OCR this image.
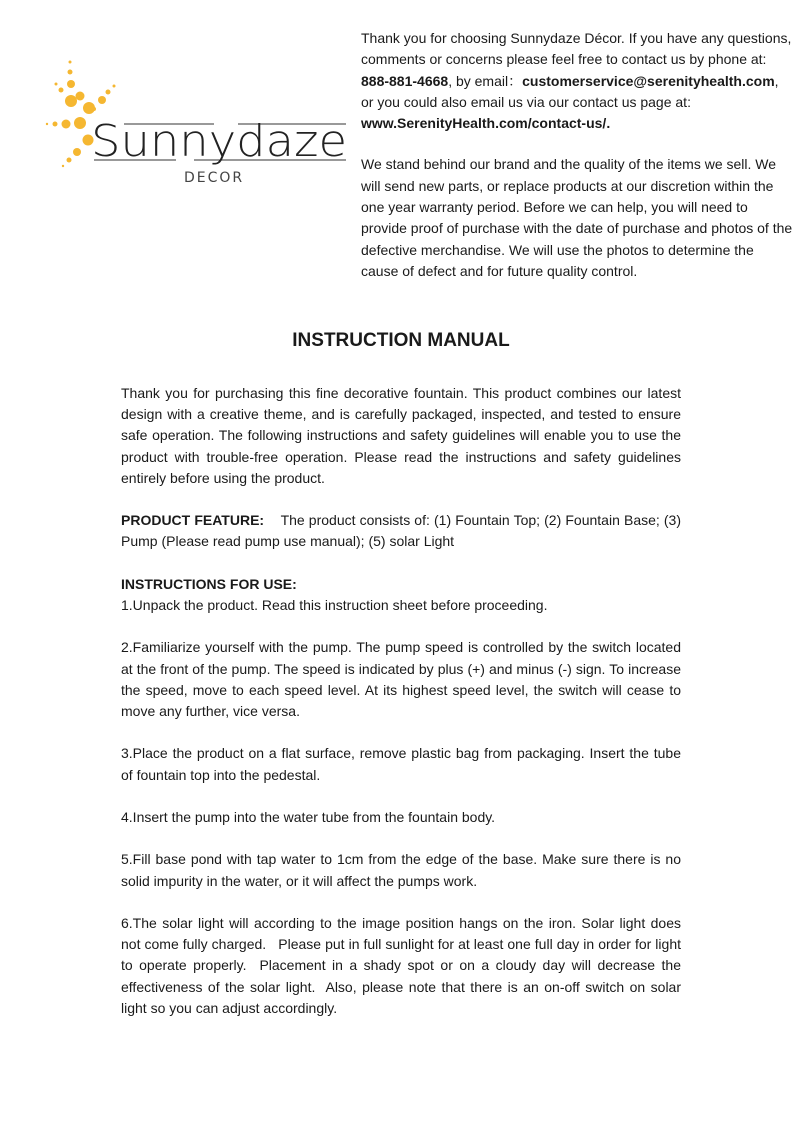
Sunnydaze
DECOR

Thank you for choosing Sunnydaze Décor. If you have any questions, comments or concerns please feel free to contact us by phone at: 888-881-4668, by email：customerservice@serenityhealth.com, or you could also email us via our contact us page at: www.SerenityHealth.com/contact-us/.

We stand behind our brand and the quality of the items we sell. We will send new parts, or replace products at our discretion within the one year warranty period. Before we can help, you will need to provide proof of purchase with the date of purchase and photos of the defective merchandise. We will use the photos to determine the cause of defect and for future quality control.

INSTRUCTION MANUAL

Thank you for purchasing this fine decorative fountain. This product combines our latest design with a creative theme, and is carefully packaged, inspected, and tested to ensure safe operation. The following instructions and safety guidelines will enable you to use the product with trouble-free operation. Please read the instructions and safety guidelines entirely before using the product.

PRODUCT FEATURE: The product consists of: (1) Fountain Top; (2) Fountain Base; (3) Pump (Please read pump use manual); (5) solar Light

INSTRUCTIONS FOR USE:

1.Unpack the product. Read this instruction sheet before proceeding.

2.Familiarize yourself with the pump. The pump speed is controlled by the switch located at the front of the pump. The speed is indicated by plus (+) and minus (-) sign. To increase the speed, move to each speed level. At its highest speed level, the switch will cease to move any further, vice versa.

3.Place the product on a flat surface, remove plastic bag from packaging. Insert the tube of fountain top into the pedestal.

4.Insert the pump into the water tube from the fountain body.

5.Fill base pond with tap water to 1cm from the edge of the base. Make sure there is no solid impurity in the water, or it will affect the pumps work.

6.The solar light will according to the image position hangs on the iron. Solar light does not come fully charged.   Please put in full sunlight for at least one full day in order for light to operate properly.  Placement in a shady spot or on a cloudy day will decrease the effectiveness of the solar light.  Also, please note that there is an on-off switch on solar light so you can adjust accordingly.
